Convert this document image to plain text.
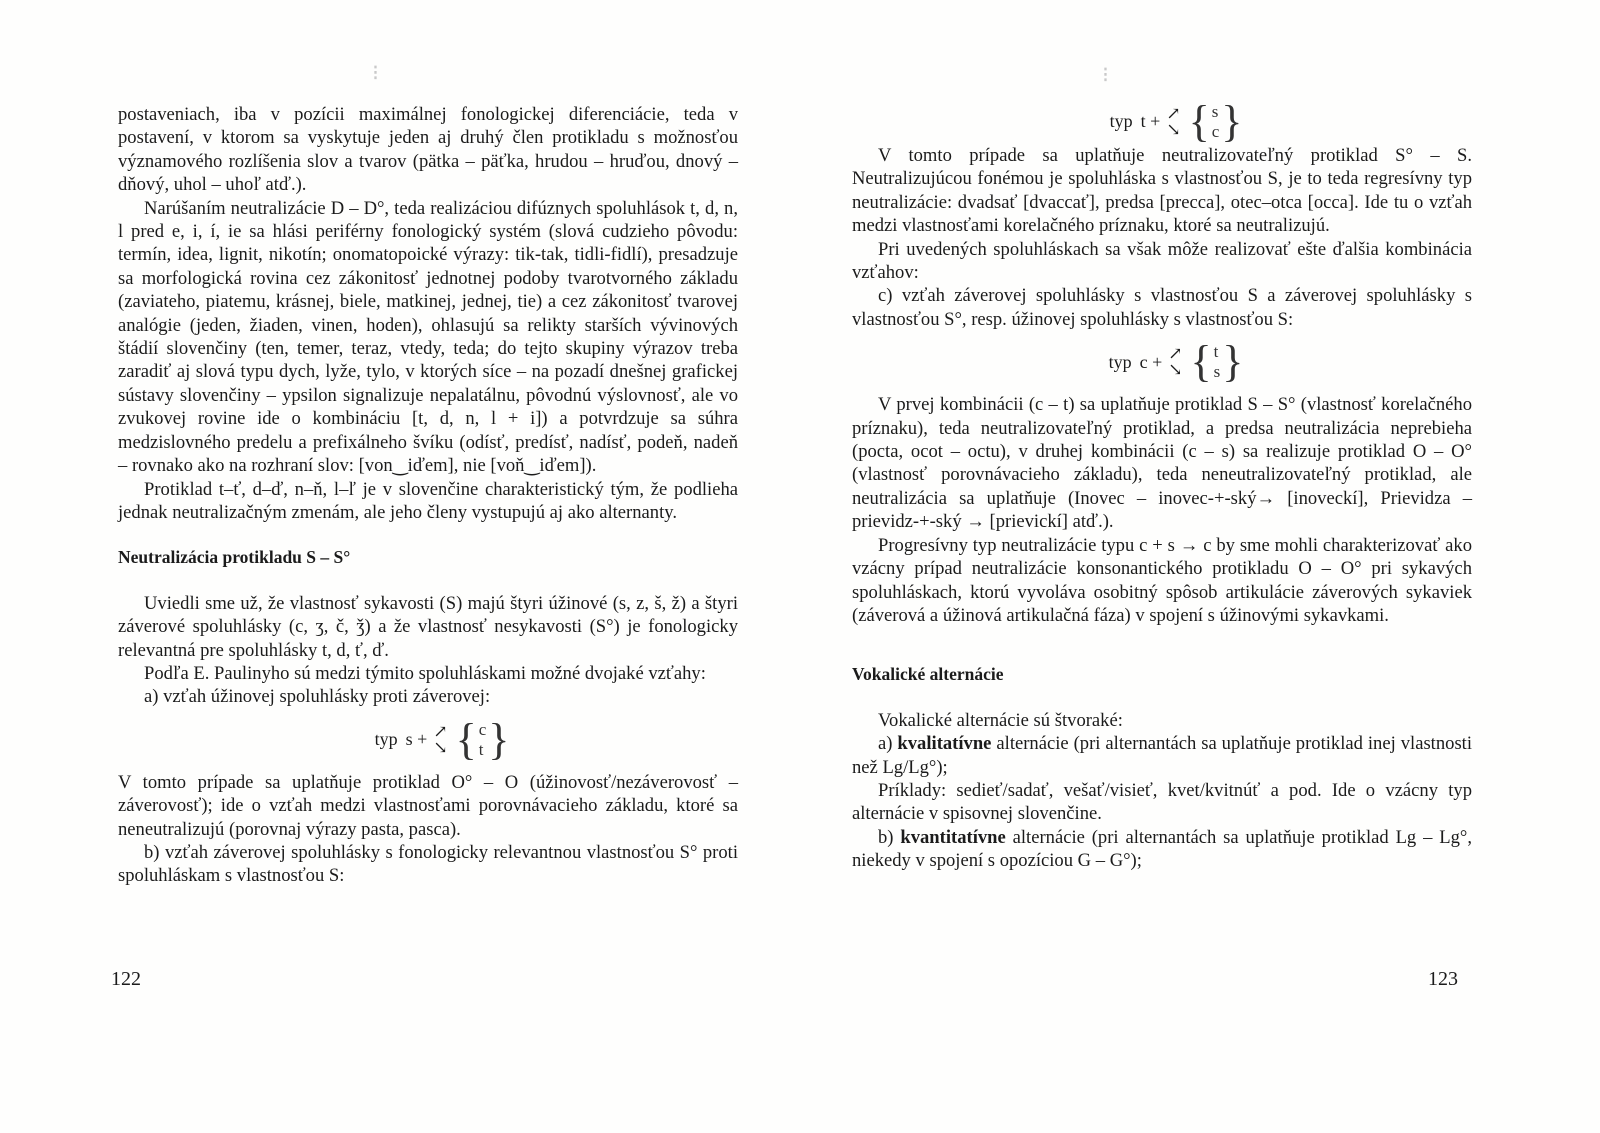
⁝

postaveniach, iba v pozícii maximálnej fonologickej diferenciácie, teda v postavení, v ktorom sa vyskytuje jeden aj druhý člen protikladu s možnosťou významového rozlíšenia slov a tvarov (pätka – päťka, hrudou – hruďou, dnový – dňový, uhol – uhoľ atď.).

Narúšaním neutralizácie D – D°, teda realizáciou difúznych spoluhlások t, d, n, l pred e, i, í, ie sa hlási periférny fonologický systém (slová cudzieho pôvodu: termín, idea, lignit, nikotín; onomatopoické výrazy: tik-tak, tidli-fidlí), presadzuje sa morfologická rovina cez zákonitosť jednotnej podoby tvarotvorného základu (zaviateho, piatemu, krásnej, biele, matkinej, jednej, tie) a cez zákonitosť tvarovej analógie (jeden, žiaden, vinen, hoden), ohlasujú sa relikty starších vývinových štádií slovenčiny (ten, temer, teraz, vtedy, teda; do tejto skupiny výrazov treba zaradiť aj slová typu dych, lyže, tylo, v ktorých síce – na pozadí dnešnej grafickej sústavy slovenčiny – ypsilon signalizuje nepalatálnu, pôvodnú výslovnosť, ale vo zvukovej rovine ide o kombináciu [t, d, n, l + i]) a potvrdzuje sa súhra medzislovného predelu a prefixálneho švíku (odísť, predísť, nadísť, podeň, nadeň – rovnako ako na rozhraní slov: [von‿iďem], nie [voň‿iďem]).

Protiklad t–ť, d–ď, n–ň, l–ľ je v slovenčine charakteristický tým, že podlieha jednak neutralizačným zmenám, ale jeho členy vystupujú aj ako alternanty.

Neutralizácia protikladu S – S°

Uviedli sme už, že vlastnosť sykavosti (S) majú štyri úžinové (s, z, š, ž) a štyri záverové spoluhlásky (c, ʒ, č, ǯ) a že vlastnosť nesykavosti (S°) je fonologicky relevantná pre spoluhlásky t, d, ť, ď.

Podľa E. Paulinyho sú medzi týmito spoluhláskami možné dvojaké vzťahy:

a) vzťah úžinovej spoluhlásky proti záverovej:

typ s + ↗
↘ { c
t }

V tomto prípade sa uplatňuje protiklad O° – O (úžinovosť/nezáverovosť – záverovosť); ide o vzťah medzi vlastnosťami porovnávacieho základu, ktoré sa neneutralizujú (porovnaj výrazy pasta, pasca).

b) vzťah záverovej spoluhlásky s fonologicky relevantnou vlastnosťou S° proti spoluhláskam s vlastnosťou S:

122
⁝
typ t + ↗
↘ { s
c }

V tomto prípade sa uplatňuje neutralizovateľný protiklad S° – S. Neutralizujúcou fonémou je spoluhláska s vlastnosťou S, je to teda regresívny typ neutralizácie: dvadsať [dvaccať], predsa [precca], otec–otca [occa]. Ide tu o vzťah medzi vlastnosťami korelačného príznaku, ktoré sa neutralizujú.

Pri uvedených spoluhláskach sa však môže realizovať ešte ďalšia kombinácia vzťahov:

c) vzťah záverovej spoluhlásky s vlastnosťou S a záverovej spoluhlásky s vlastnosťou S°, resp. úžinovej spoluhlásky s vlastnosťou S:

typ c + ↗
↘ { t
s }

V prvej kombinácii (c – t) sa uplatňuje protiklad S – S° (vlastnosť korelačného príznaku), teda neutralizovateľný protiklad, a predsa neutralizácia neprebieha (pocta, ocot – octu), v druhej kombinácii (c – s) sa realizuje protiklad O – O° (vlastnosť porovnávacieho základu), teda neneutralizovateľný protiklad, ale neutralizácia sa uplatňuje (Inovec – inovec-+-ský→ [inoveckí], Prievidza – prievidz-+-ský → [prievickí] atď.).

Progresívny typ neutralizácie typu c + s → c by sme mohli charakterizovať ako vzácny prípad neutralizácie konsonantického protikladu O – O° pri sykavých spoluhláskach, ktorú vyvoláva osobitný spôsob artikulácie záverových sykaviek (záverová a úžinová artikulačná fáza) v spojení s úžinovými sykavkami.

Vokalické alternácie

Vokalické alternácie sú štvoraké:

a) kvalitatívne alternácie (pri alternantách sa uplatňuje protiklad inej vlastnosti než Lg/Lg°);

Príklady: sedieť/sadať, vešať/visieť, kvet/kvitnúť a pod. Ide o vzácny typ alternácie v spisovnej slovenčine.

b) kvantitatívne alternácie (pri alternantách sa uplatňuje protiklad Lg – Lg°, niekedy v spojení s opozíciou G – G°);

123
